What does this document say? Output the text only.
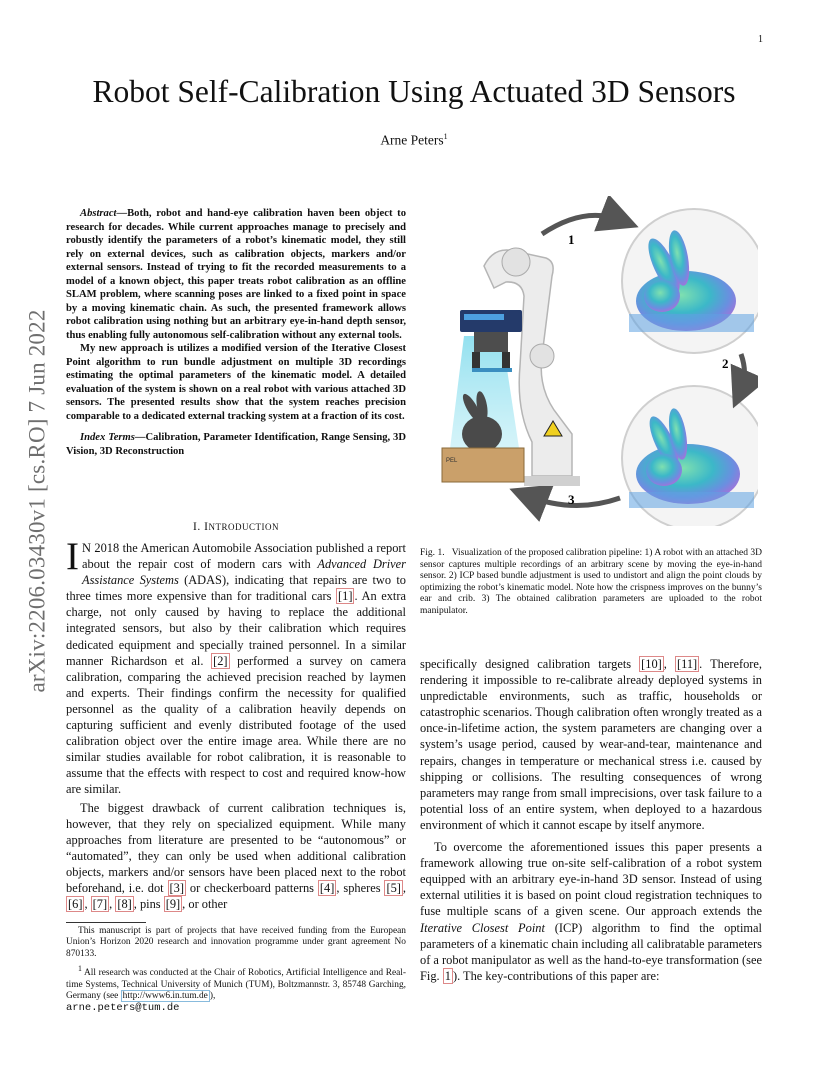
1
arXiv:2206.03430v1 [cs.RO] 7 Jun 2022
Robot Self-Calibration Using Actuated 3D Sensors
Arne Peters$^1$

Abstract—Both, robot and hand-eye calibration haven been object to research for decades. While current approaches manage to precisely and robustly identify the parameters of a robot’s kinematic model, they still rely on external devices, such as calibration objects, markers and/or external sensors. Instead of trying to fit the recorded measurements to a model of a known object, this paper treats robot calibration as an offline SLAM problem, where scanning poses are linked to a fixed point in space by a moving kinematic chain. As such, the presented framework allows robot calibration using nothing but an arbitrary eye-in-hand depth sensor, thus enabling fully autonomous self-calibration without any external tools.

My new approach is utilizes a modified version of the Iterative Closest Point algorithm to run bundle adjustment on multiple 3D recordings estimating the optimal parameters of the kinematic model. A detailed evaluation of the system is shown on a real robot with various attached 3D sensors. The presented results show that the system reaches precision comparable to a dedicated external tracking system at a fraction of its cost.

Index Terms—Calibration, Parameter Identification, Range Sensing, 3D Vision, 3D Reconstruction

I. INTRODUCTION

I N 2018 the American Automobile Association published a report about the repair cost of modern cars with Advanced Driver Assistance Systems (ADAS), indicating that repairs are two to three times more expensive than for traditional cars [1] . An extra charge, not only caused by having to replace the additional integrated sensors, but also by their calibration which requires dedicated equipment and specially trained personnel. In a similar manner Richardson et al. [2] performed a survey on camera calibration, comparing the achieved precision reached by laymen and experts. Their findings confirm the necessity for qualified personnel as the quality of a calibration heavily depends on capturing sufficient and evenly distributed footage of the used calibration object over the entire image area. While there are no similar studies available for robot calibration, it is reasonable to assume that the effects with respect to cost and required know-how are similar.

The biggest drawback of current calibration techniques is, however, that they rely on specialized equipment. While many approaches from literature are presented to be “autonomous” or “automated”, they can only be used when additional calibration objects, markers and/or sensors have been placed next to the robot beforehand, i.e. dot [3] or checkerboard patterns [4] , spheres [5] , [6] , [7] , [8] , pins [9] , or other

This manuscript is part of projects that have received funding from the European Union’s Horizon 2020 research and innovation programme under grant agreement No 870133.

$^1$ All research was conducted at the Chair of Robotics, Artificial Intelligence and Real-time Systems, Technical University of Munich (TUM), Boltzmannstr. 3, 85748 Garching, Germany (see http://www6.in.tum.de ),
arne.peters@tum.de

1
2
3
PEL
Fig. 1. Visualization of the proposed calibration pipeline: 1) A robot with an attached 3D sensor captures multiple recordings of an arbitrary scene by moving the eye-in-hand sensor. 2) ICP based bundle adjustment is used to undistort and align the point clouds by optimizing the robot’s kinematic model. Note how the crispness improves on the bunny’s ear and crib. 3) The obtained calibration parameters are uploaded to the robot manipulator.

specifically designed calibration targets [10] , [11] . Therefore, rendering it impossible to re-calibrate already deployed systems in unpredictable environments, such as traffic, households or catastrophic scenarios. Though calibration often wrongly treated as a once-in-lifetime action, the system parameters are changing over a system’s usage period, caused by wear-and-tear, maintenance and repairs, changes in temperature or mechanical stress i.e. caused by shipping or collisions. The resulting consequences of wrong parameters may range from small imprecisions, over task failure to a potential loss of an entire system, when deployed to a hazardous environment of which it cannot escape by itself anymore.

To overcome the aforementioned issues this paper presents a framework allowing true on-site self-calibration of a robot system equipped with an arbitrary eye-in-hand 3D sensor. Instead of using external utilities it is based on point cloud registration techniques to fuse multiple scans of a given scene. Our approach extends the Iterative Closest Point (ICP) algorithm to find the optimal parameters of a kinematic chain including all calibratable parameters of a robot manipulator as well as the hand-to-eye transformation (see Fig. 1 ). The key-contributions of this paper are:
